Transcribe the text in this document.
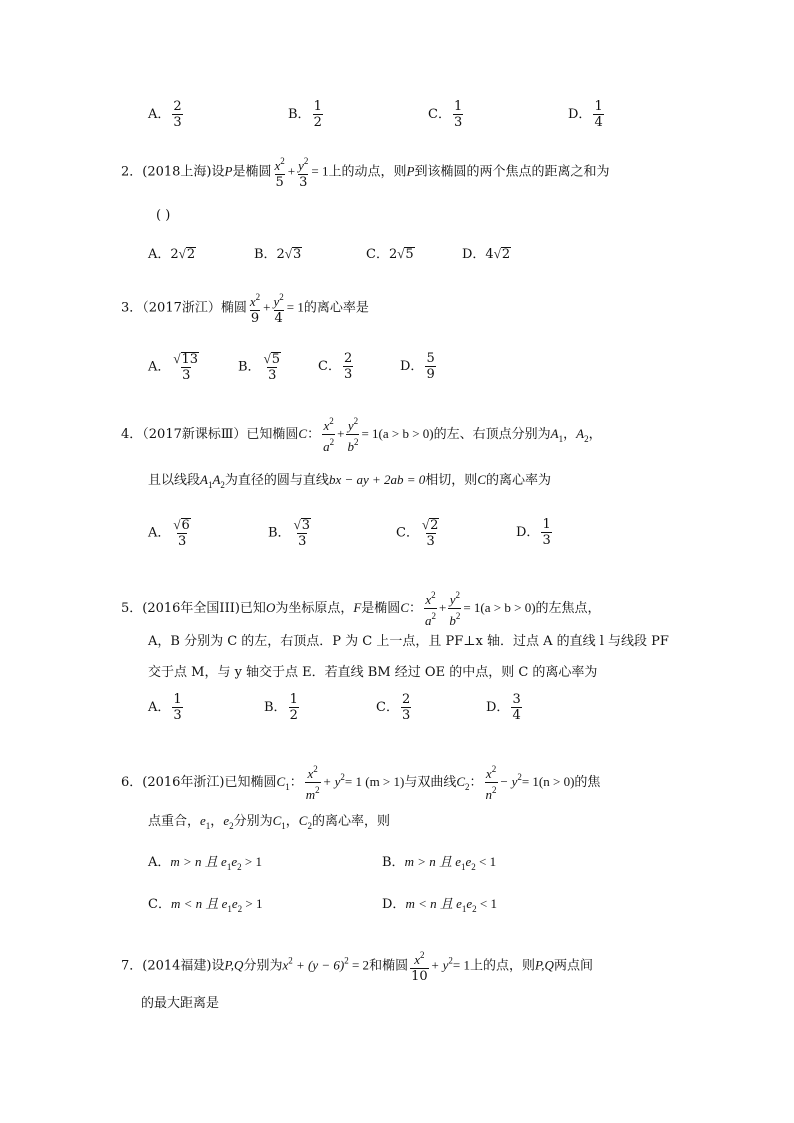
A． $\frac{2}{3}$	B． $\frac{1}{2}$	C． $\frac{1}{3}$	D． $\frac{1}{4}$
2．(2018上海)设P是椭圆 $\frac{x^2}{5} + \frac{y^2}{3} = 1$上的动点，则P到该椭圆的两个焦点的距离之和为
( )
A．2√2	B．2√3	C．2√5	D．4√2
3．（2017浙江）椭圆 $\frac{x^2}{9} + \frac{y^2}{4} = 1$的离心率是
A． $\frac{√13}{3}$	B． $\frac{√5}{3}$	C． $\frac{2}{3}$	D． $\frac{5}{9}$
4．（2017新课标Ⅲ）已知椭圆C： $\frac{x^2}{a^2} + \frac{y^2}{b^2} = 1(a > b > 0)$的左、右顶点分别为$A_1$，$A_2$，
且以线段$A_1A_2$为直径的圆与直线bx − ay + 2ab = 0相切，则C的离心率为
A． $\frac{√6}{3}$	B． $\frac{√3}{3}$	C． $\frac{√2}{3}$	D． $\frac{1}{3}$
5．(2016年全国III)已知O为坐标原点，F是椭圆C： $\frac{x^2}{a^2} + \frac{y^2}{b^2} = 1(a > b > 0)$的左焦点，
A，B 分别为 C 的左，右顶点．P 为 C 上一点，且 PF⊥x 轴．过点 A 的直线 l 与线段 PF
交于点 M，与 y 轴交于点 E．若直线 BM 经过 OE 的中点，则 C 的离心率为
A． $\frac{1}{3}$	B． $\frac{1}{2}$	C． $\frac{2}{3}$	D． $\frac{3}{4}$
6．(2016年浙江)已知椭圆$C_1$： $\frac{x^2}{m^2} + y^2= 1$ (m > 1)与双曲线$C_2$： $\frac{x^2}{n^2} - y^2= 1(n > 0)$的焦
点重合，$e_1$，$e_2$分别为$C_1$，$C_2$的离心率，则
A．m > n 且 $e_1e_2 > 1$	B．m > n 且 $e_1e_2 < 1$
C．m < n 且 $e_1e_2 > 1$	D．m < n 且 $e_1e_2 < 1$
7．(2014福建)设P,Q分别为$x^2 + (y - 6)^2 = 2$和椭圆 $\frac{x^2}{10} + y^2= 1$上的点，则P,Q两点间
的最大距离是
